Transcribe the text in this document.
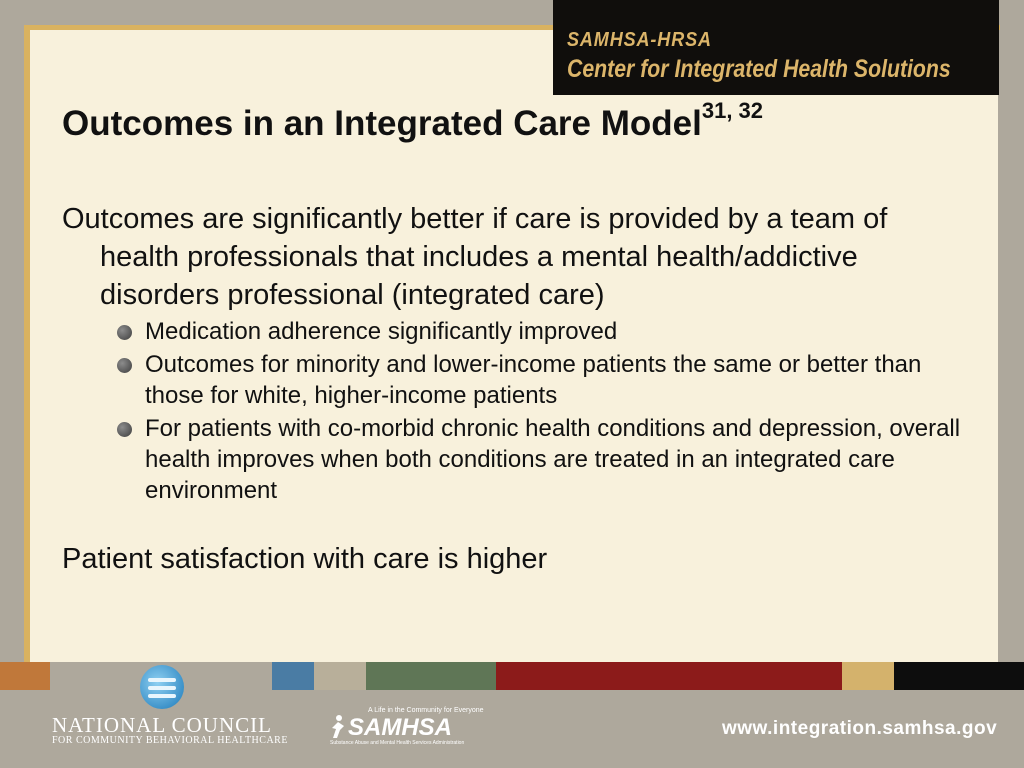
SAMHSA-HRSA
Center for Integrated Health Solutions
Outcomes in an Integrated Care Model$^{31, 32}$

Outcomes are significantly better if care is provided by a team of health professionals that includes a mental health/addictive disorders professional (integrated care)

Medication adherence significantly improved
Outcomes for minority and lower-income patients the same or better than those for white, higher-income patients
For patients with co-morbid chronic health conditions and depression, overall health improves when both conditions are treated in an integrated care environment

Patient satisfaction with care is higher

NATIONAL COUNCIL
FOR COMMUNITY BEHAVIORAL HEALTHCARE
A Life in the Community for Everyone
SAMHSA
Substance Abuse and Mental Health Services Administration
www.integration.samhsa.gov
